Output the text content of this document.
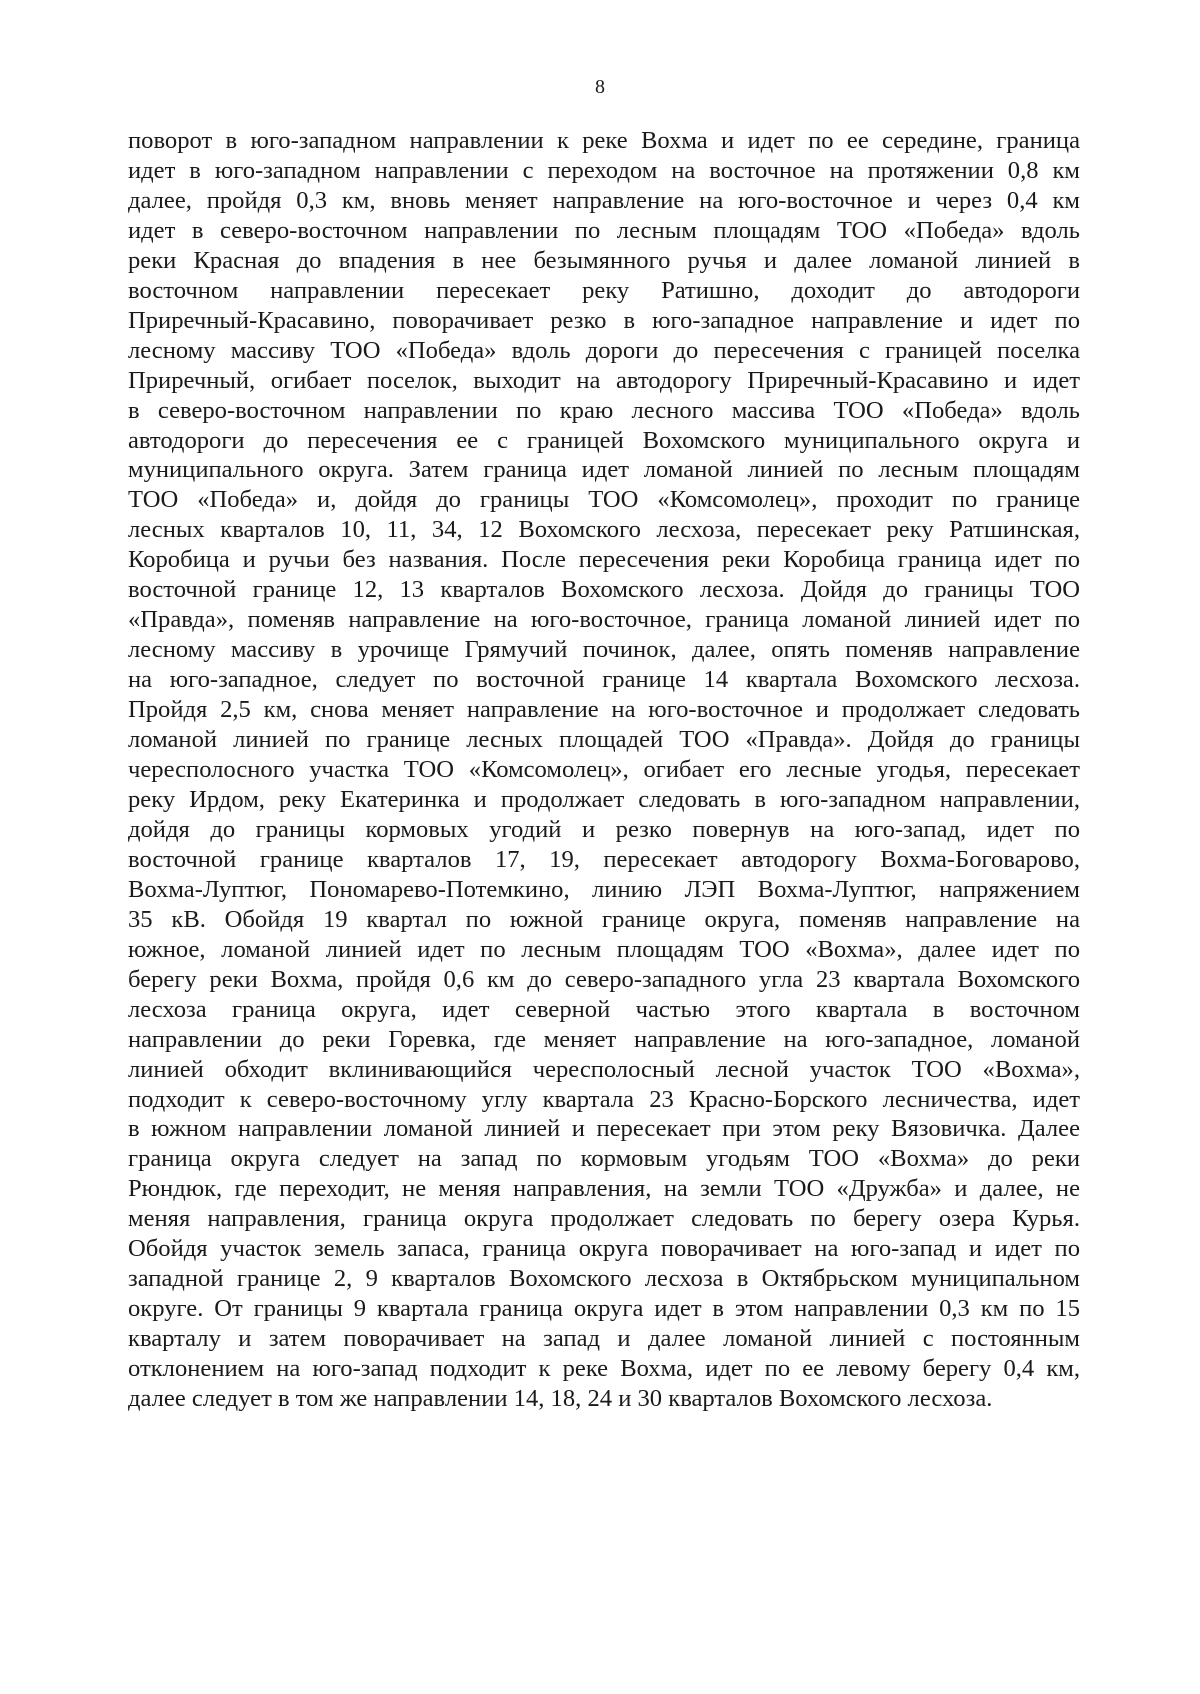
8
поворот в юго-западном направлении к реке Вохма и идет по ее середине, граница
идет в юго-западном направлении с переходом на восточное на протяжении 0,8 км
далее, пройдя 0,3 км, вновь меняет направление на юго-восточное и через 0,4 км
идет в северо-восточном направлении по лесным площадям ТОО «Победа» вдоль
реки Красная до впадения в нее безымянного ручья и далее ломаной линией в
восточном направлении пересекает реку Ратишно, доходит до автодороги
Приречный-Красавино, поворачивает резко в юго-западное направление и идет по
лесному массиву ТОО «Победа» вдоль дороги до пересечения с границей поселка
Приречный, огибает поселок, выходит на автодорогу Приречный-Красавино и идет
в северо-восточном направлении по краю лесного массива ТОО «Победа» вдоль
автодороги до пересечения ее с границей Вохомского муниципального округа и
муниципального округа. Затем граница идет ломаной линией по лесным площадям
ТОО «Победа» и, дойдя до границы ТОО «Комсомолец», проходит по границе
лесных кварталов 10, 11, 34, 12 Вохомского лесхоза, пересекает реку Ратшинская,
Коробица и ручьи без названия. После пересечения реки Коробица граница идет по
восточной границе 12, 13 кварталов Вохомского лесхоза. Дойдя до границы ТОО
«Правда», поменяв направление на юго-восточное, граница ломаной линией идет по
лесному массиву в урочище Грямучий починок, далее, опять поменяв направление
на юго-западное, следует по восточной границе 14 квартала Вохомского лесхоза.
Пройдя 2,5 км, снова меняет направление на юго-восточное и продолжает следовать
ломаной линией по границе лесных площадей ТОО «Правда». Дойдя до границы
чересполосного участка ТОО «Комсомолец», огибает его лесные угодья, пересекает
реку Ирдом, реку Екатеринка и продолжает следовать в юго-западном направлении,
дойдя до границы кормовых угодий и резко повернув на юго-запад, идет по
восточной границе кварталов 17, 19, пересекает автодорогу Вохма-Боговарово,
Вохма-Луптюг, Пономарево-Потемкино, линию ЛЭП Вохма-Луптюг, напряжением
35 кВ. Обойдя 19 квартал по южной границе округа, поменяв направление на
южное, ломаной линией идет по лесным площадям ТОО «Вохма», далее идет по
берегу реки Вохма, пройдя 0,6 км до северо-западного угла 23 квартала Вохомского
лесхоза граница округа, идет северной частью этого квартала в восточном
направлении до реки Горевка, где меняет направление на юго-западное, ломаной
линией обходит вклинивающийся чересполосный лесной участок ТОО «Вохма»,
подходит к северо-восточному углу квартала 23 Красно-Борского лесничества, идет
в южном направлении ломаной линией и пересекает при этом реку Вязовичка. Далее
граница округа следует на запад по кормовым угодьям ТОО «Вохма» до реки
Рюндюк, где переходит, не меняя направления, на земли ТОО «Дружба» и далее, не
меняя направления, граница округа продолжает следовать по берегу озера Курья.
Обойдя участок земель запаса, граница округа поворачивает на юго-запад и идет по
западной границе 2, 9 кварталов Вохомского лесхоза в Октябрьском муниципальном
округе. От границы 9 квартала граница округа идет в этом направлении 0,3 км по 15
кварталу и затем поворачивает на запад и далее ломаной линией с постоянным
отклонением на юго-запад подходит к реке Вохма, идет по ее левому берегу 0,4 км,
далее следует в том же направлении 14, 18, 24 и 30 кварталов Вохомского лесхоза.
